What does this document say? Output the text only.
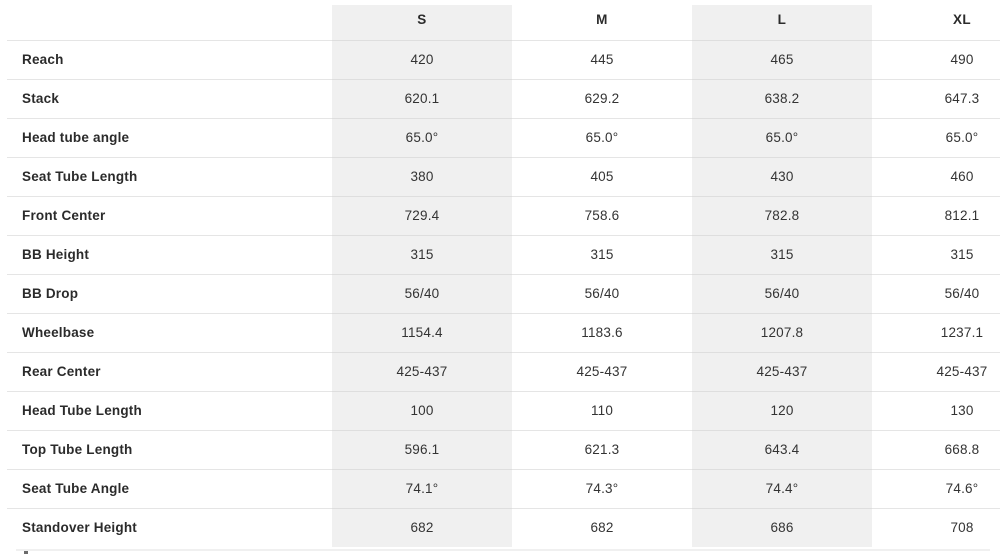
	S	M	L	XL
Reach	420	445	465	490
Stack	620.1	629.2	638.2	647.3
Head tube angle	65.0°	65.0°	65.0°	65.0°
Seat Tube Length	380	405	430	460
Front Center	729.4	758.6	782.8	812.1
BB Height	315	315	315	315
BB Drop	56/40	56/40	56/40	56/40
Wheelbase	1154.4	1183.6	1207.8	1237.1
Rear Center	425-437	425-437	425-437	425-437
Head Tube Length	100	110	120	130
Top Tube Length	596.1	621.3	643.4	668.8
Seat Tube Angle	74.1°	74.3°	74.4°	74.6°
Standover Height	682	682	686	708
